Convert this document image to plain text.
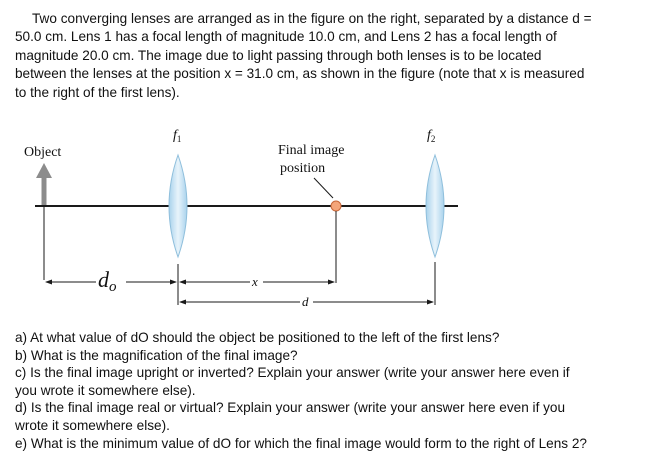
Two converging lenses are arranged as in the figure on the right, separated by a distance d =
50.0 cm. Lens 1 has a focal length of magnitude 10.0 cm, and Lens 2 has a focal length of
magnitude 20.0 cm. The image due to light passing through both lenses is to be located
between the lenses at the position x = 31.0 cm, as shown in the figure (note that x is measured
to the right of the first lens).
Object
$f_1$	$f_2$
Final image position
do	x
d
a) At what value of dO should the object be positioned to the left of the first lens?
b) What is the magnification of the final image?
c) Is the final image upright or inverted? Explain your answer (write your answer here even if
you wrote it somewhere else).
d) Is the final image real or virtual? Explain your answer (write your answer here even if you
wrote it somewhere else).
e) What is the minimum value of dO for which the final image would form to the right of Lens 2?
